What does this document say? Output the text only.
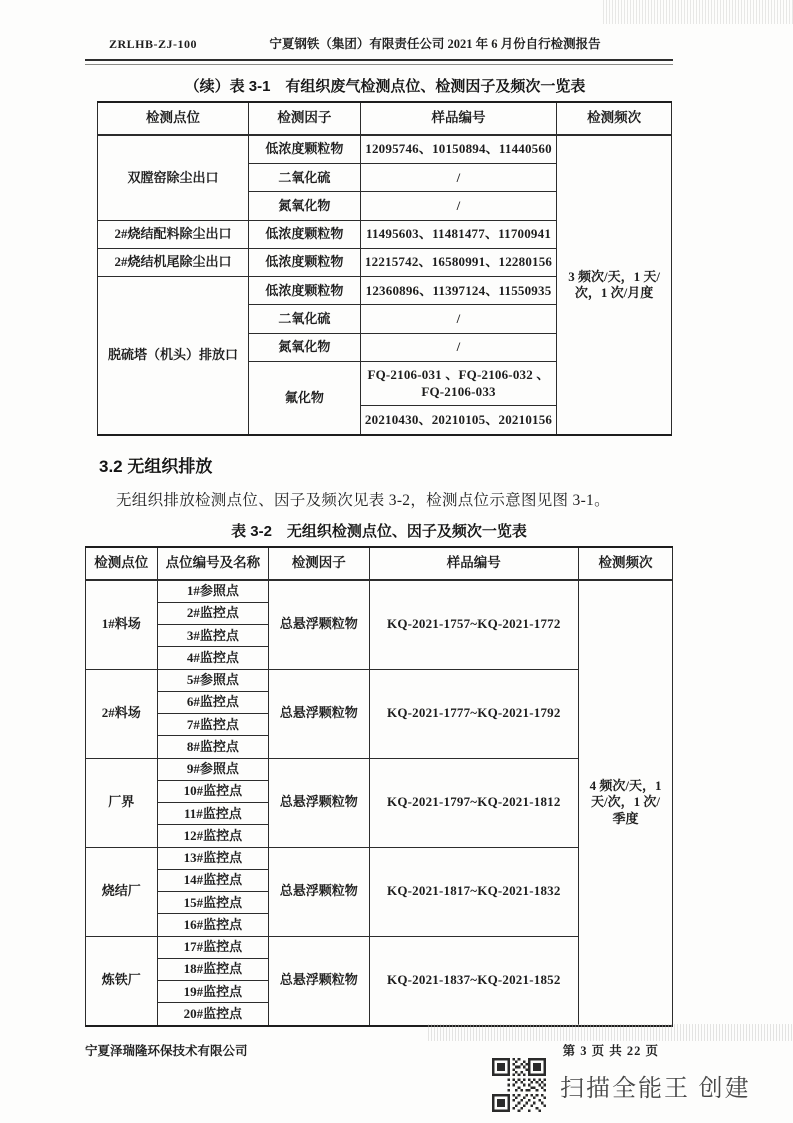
ZRLHB-ZJ-100	宁夏钢铁（集团）有限责任公司 2021 年 6 月份自行检测报告
（续）表 3-1　有组织废气检测点位、检测因子及频次一览表
检测点位	检测因子	样品编号	检测频次
双膛窑除尘出口	低浓度颗粒物	12095746、10150894、11440560	3 频次/天，1 天/次，1 次/月度
	二氧化硫	/	
	氮氧化物	/	
2#烧结配料除尘出口	低浓度颗粒物	11495603、11481477、11700941	
2#烧结机尾除尘出口	低浓度颗粒物	12215742、16580991、12280156	
脱硫塔（机头）排放口	低浓度颗粒物	12360896、11397124、11550935	
	二氧化硫	/	
	氮氧化物	/	
	氟化物	FQ-2106-031 、FQ-2106-032 、FQ-2106-033	
		20210430、20210105、20210156	
3.2 无组织排放
无组织排放检测点位、因子及频次见表 3-2，检测点位示意图见图 3-1。
表 3-2　无组织检测点位、因子及频次一览表
检测点位	点位编号及名称	检测因子	样品编号	检测频次
1#料场	1#参照点	总悬浮颗粒物	KQ-2021-1757~KQ-2021-1772	4 频次/天，1 天/次，1 次/季度
	2#监控点			
	3#监控点			
	4#监控点			
2#料场	5#参照点	总悬浮颗粒物	KQ-2021-1777~KQ-2021-1792	
	6#监控点			
	7#监控点			
	8#监控点			
厂界	9#参照点	总悬浮颗粒物	KQ-2021-1797~KQ-2021-1812	
	10#监控点			
	11#监控点			
	12#监控点			
烧结厂	13#监控点	总悬浮颗粒物	KQ-2021-1817~KQ-2021-1832	
	14#监控点			
	15#监控点			
	16#监控点			
炼铁厂	17#监控点	总悬浮颗粒物	KQ-2021-1837~KQ-2021-1852	
	18#监控点			
	19#监控点			
	20#监控点			
宁夏泽瑞隆环保技术有限公司	第 3 页 共 22 页
扫描全能王 创建
